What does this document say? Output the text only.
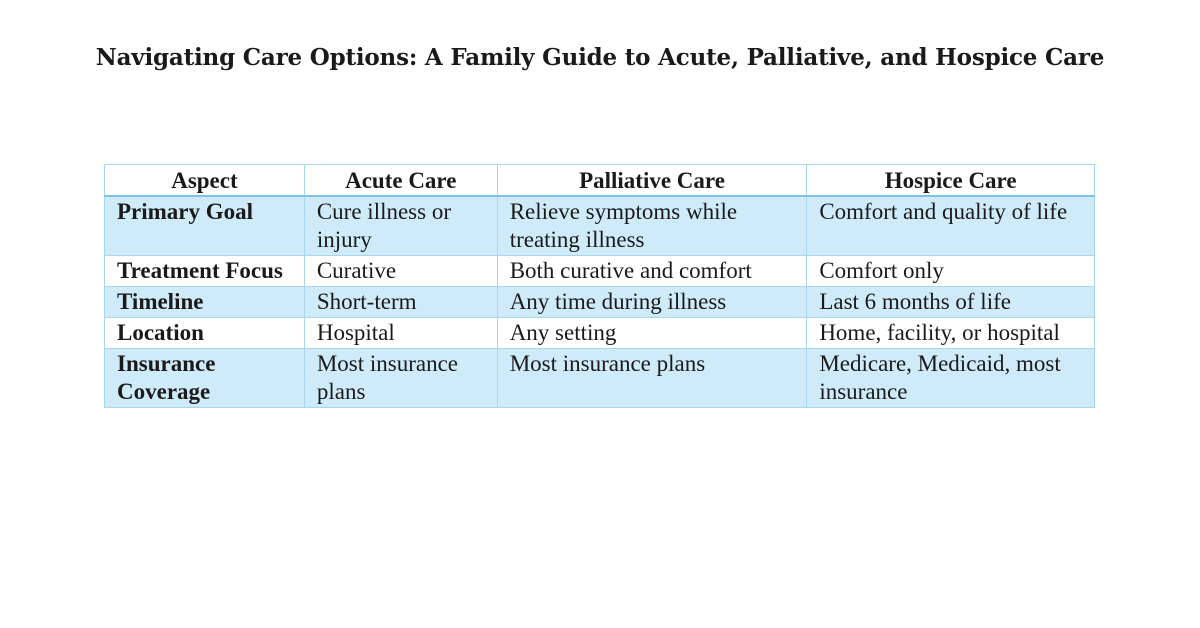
Navigating Care Options: A Family Guide to Acute, Palliative, and Hospice Care
Aspect	Acute Care	Palliative Care	Hospice Care
Primary Goal	Cure illness or injury	Relieve symptoms while treating illness	Comfort and quality of life
Treatment Focus	Curative	Both curative and comfort	Comfort only
Timeline	Short-term	Any time during illness	Last 6 months of life
Location	Hospital	Any setting	Home, facility, or hospital
Insurance Coverage	Most insurance plans	Most insurance plans	Medicare, Medicaid, most insurance
